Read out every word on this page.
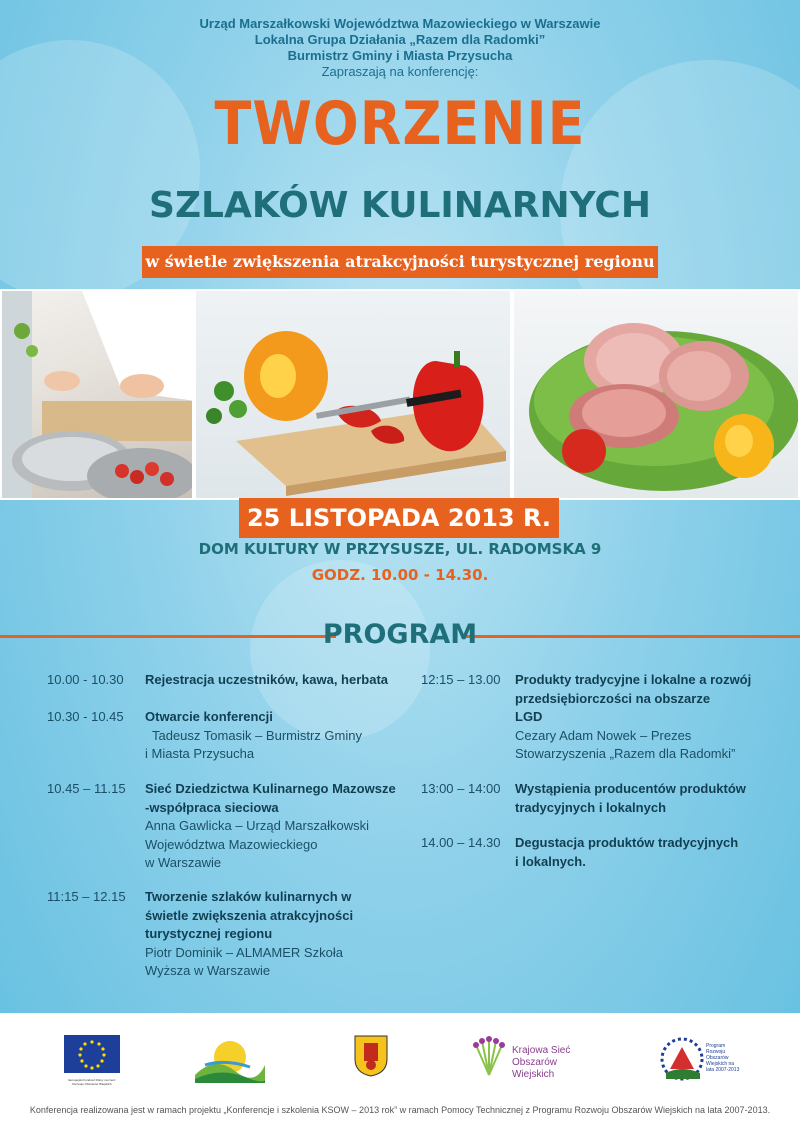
Urząd Marszałkowski Województwa Mazowieckiego w Warszawie
Lokalna Grupa Działania „Razem dla Radomki”
Burmistrz Gminy i Miasta Przysucha
Zapraszają na konferencję:
TWORZENIE
SZLAKÓW KULINARNYCH
w świetle zwiększenia atrakcyjności turystycznej regionu
25 LISTOPADA 2013 R.
DOM KULTURY W PRZYSUSZE, UL. RADOMSKA 9
GODZ. 10.00 - 14.30.
PROGRAM
10.00 - 10.30 Rejestracja uczestników, kawa, herbata
10.30 - 10.45 Otwarcie konferencji
Tadeusz Tomasik – Burmistrz Gminy
i Miasta Przysucha
10.45 – 11.15 Sieć Dziedzictwa Kulinarnego Mazowsze
-współpraca sieciowa
Anna Gawlicka – Urząd Marszałkowski
Województwa Mazowieckiego
w Warszawie
11:15 – 12.15 Tworzenie szlaków kulinarnych w
świetle zwiększenia atrakcyjności
turystycznej regionu
Piotr Dominik – ALMAMER Szkoła
Wyższa w Warszawie
12:15 – 13.00 Produkty tradycyjne i lokalne a rozwój
przedsiębiorczości na obszarze
LGD
Cezary Adam Nowek – Prezes
Stowarzyszenia „Razem dla Radomki”
13:00 – 14:00 Wystąpienia producentów produktów
tradycyjnych i lokalnych
14.00 – 14.30 Degustacja produktów tradycyjnych
i lokalnych.
Europejski Fundusz Rolny na rzecz Rozwoju Obszarów Wiejskich
Krajowa Sieć Obszarów Wiejskich
Program Rozwoju Obszarów Wiejskich na lata 2007-2013
Konferencja realizowana jest w ramach projektu „Konferencje i szkolenia KSOW – 2013 rok” w ramach Pomocy Technicznej z Programu Rozwoju Obszarów Wiejskich na lata 2007-2013.
